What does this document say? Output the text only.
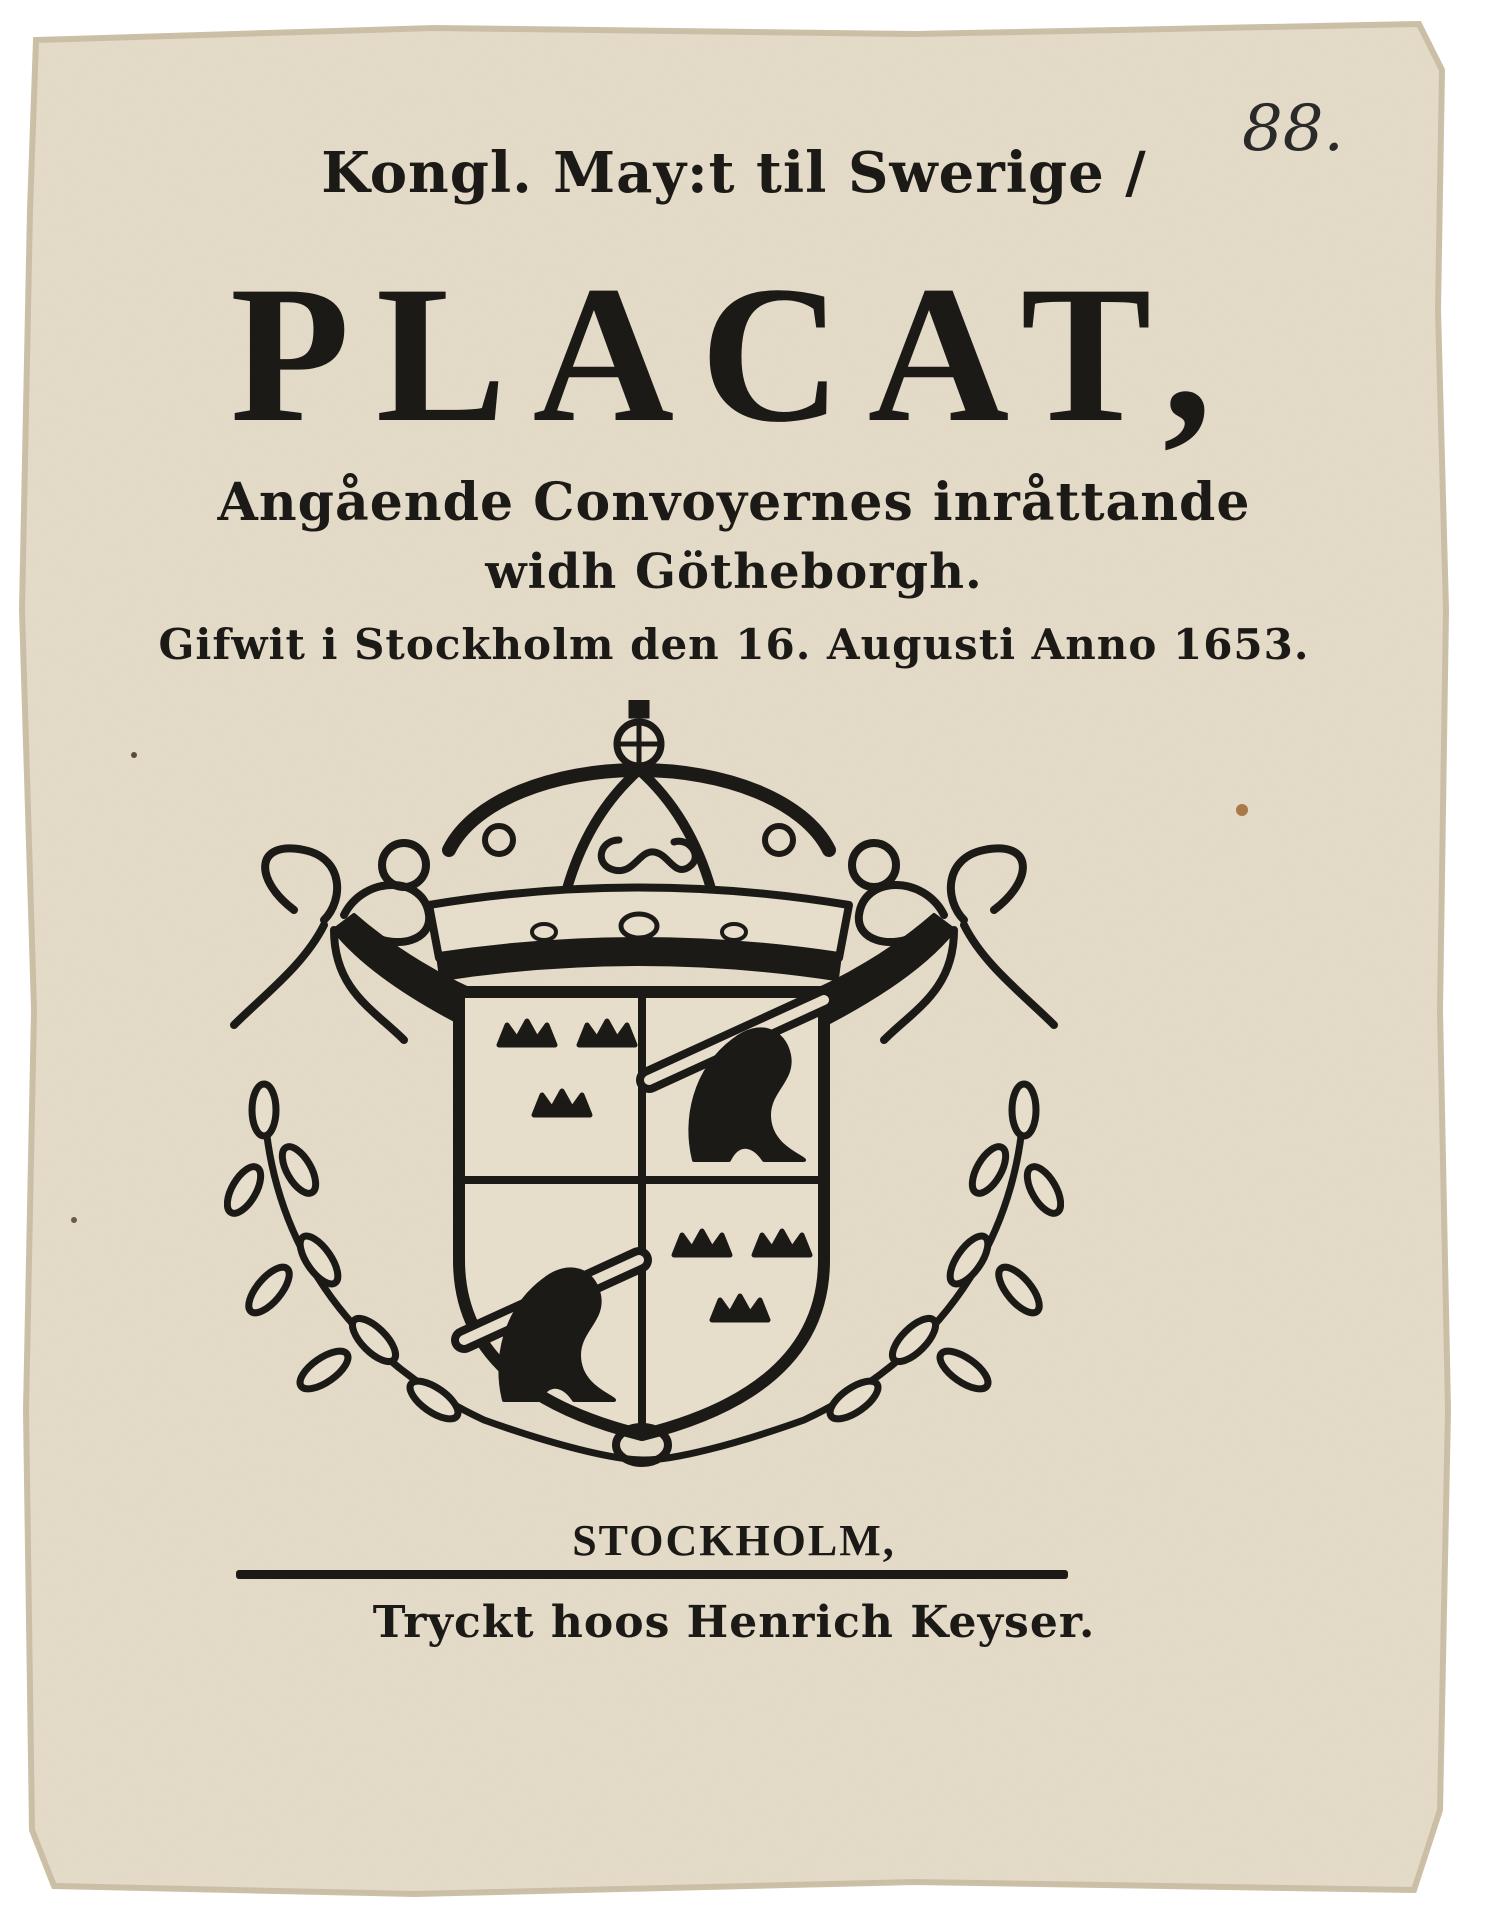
88.
Kongl. May:t til Swerige /
PLACAT,
Angående Convoyernes inråttande
widh Götheborgh.
Gifwit i Stockholm den 16. Augusti Anno 1653.
STOCKHOLM,
Tryckt hoos Henrich Keyser.
